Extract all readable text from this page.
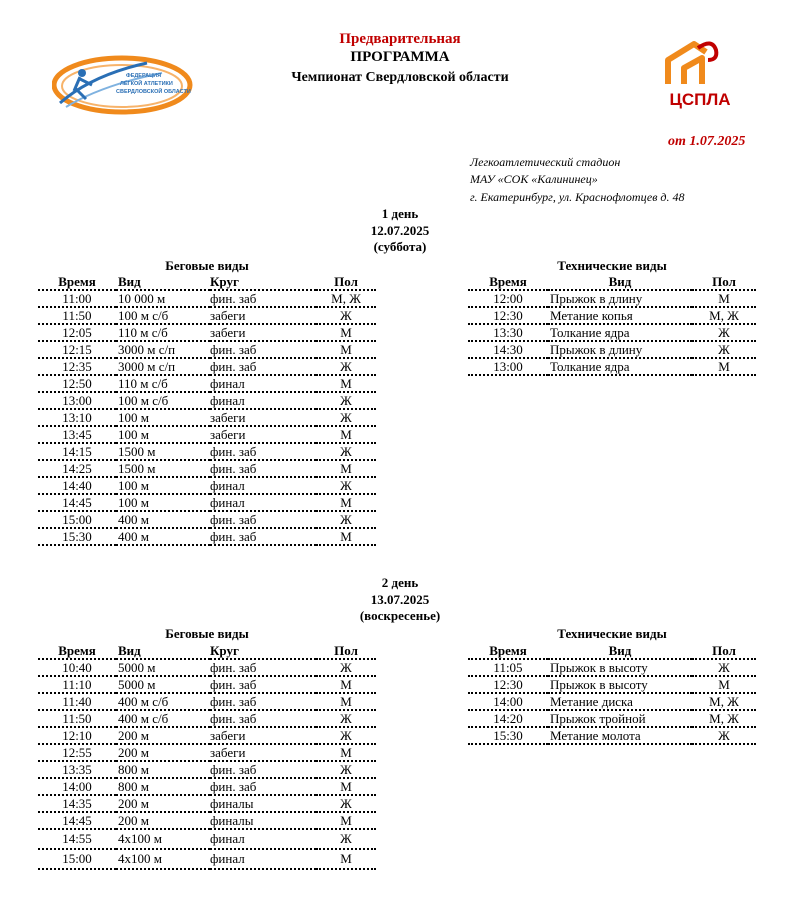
Предварительная
ПРОГРАММА
Чемпионат Свердловской области
ФЕДЕРАЦИЯ
ЛЁГКОЙ АТЛЕТИКИ
СВЕРДЛОВСКОЙ ОБЛАСТИ	ЦСПЛА
от 1.07.2025
Легкоатлетический стадион
МАУ «СОК «Калининец»
г. Екатеринбург, ул. Краснофлотцев д. 48
1 день
12.07.2025
(суббота)
Беговые виды	Технические виды
Время	Вид	Круг	Пол
11:00	10 000 м	фин. заб	М, Ж
11:50	100 м с/б	забеги	Ж
12:05	110 м с/б	забеги	М
12:15	3000 м с/п	фин. заб	М
12:35	3000 м с/п	фин. заб	Ж
12:50	110 м с/б	финал	М
13:00	100 м с/б	финал	Ж
13:10	100 м	забеги	Ж
13:45	100 м	забеги	М
14:15	1500 м	фин. заб	Ж
14:25	1500 м	фин. заб	М
14:40	100 м	финал	Ж
14:45	100 м	финал	М
15:00	400 м	фин. заб	Ж
15:30	400 м	фин. заб	М
Время	Вид	Пол
12:00	Прыжок в длину	М
12:30	Метание копья	М, Ж
13:30	Толкание ядра	Ж
14:30	Прыжок в длину	Ж
13:00	Толкание ядра	М
2 день
13.07.2025
(воскресенье)
Беговые виды	Технические виды
Время	Вид	Круг	Пол
10:40	5000 м	фин. заб	Ж
11:10	5000 м	фин. заб	М
11:40	400 м с/б	фин. заб	М
11:50	400 м с/б	фин. заб	Ж
12:10	200 м	забеги	Ж
12:55	200 м	забеги	М
13:35	800 м	фин. заб	Ж
14:00	800 м	фин. заб	М
14:35	200 м	финалы	Ж
14:45	200 м	финалы	М
14:55	4х100 м	финал	Ж
15:00	4х100 м	финал	М
Время	Вид	Пол
11:05	Прыжок в высоту	Ж
12:30	Прыжок в высоту	М
14:00	Метание диска	М, Ж
14:20	Прыжок тройной	М, Ж
15:30	Метание молота	Ж
